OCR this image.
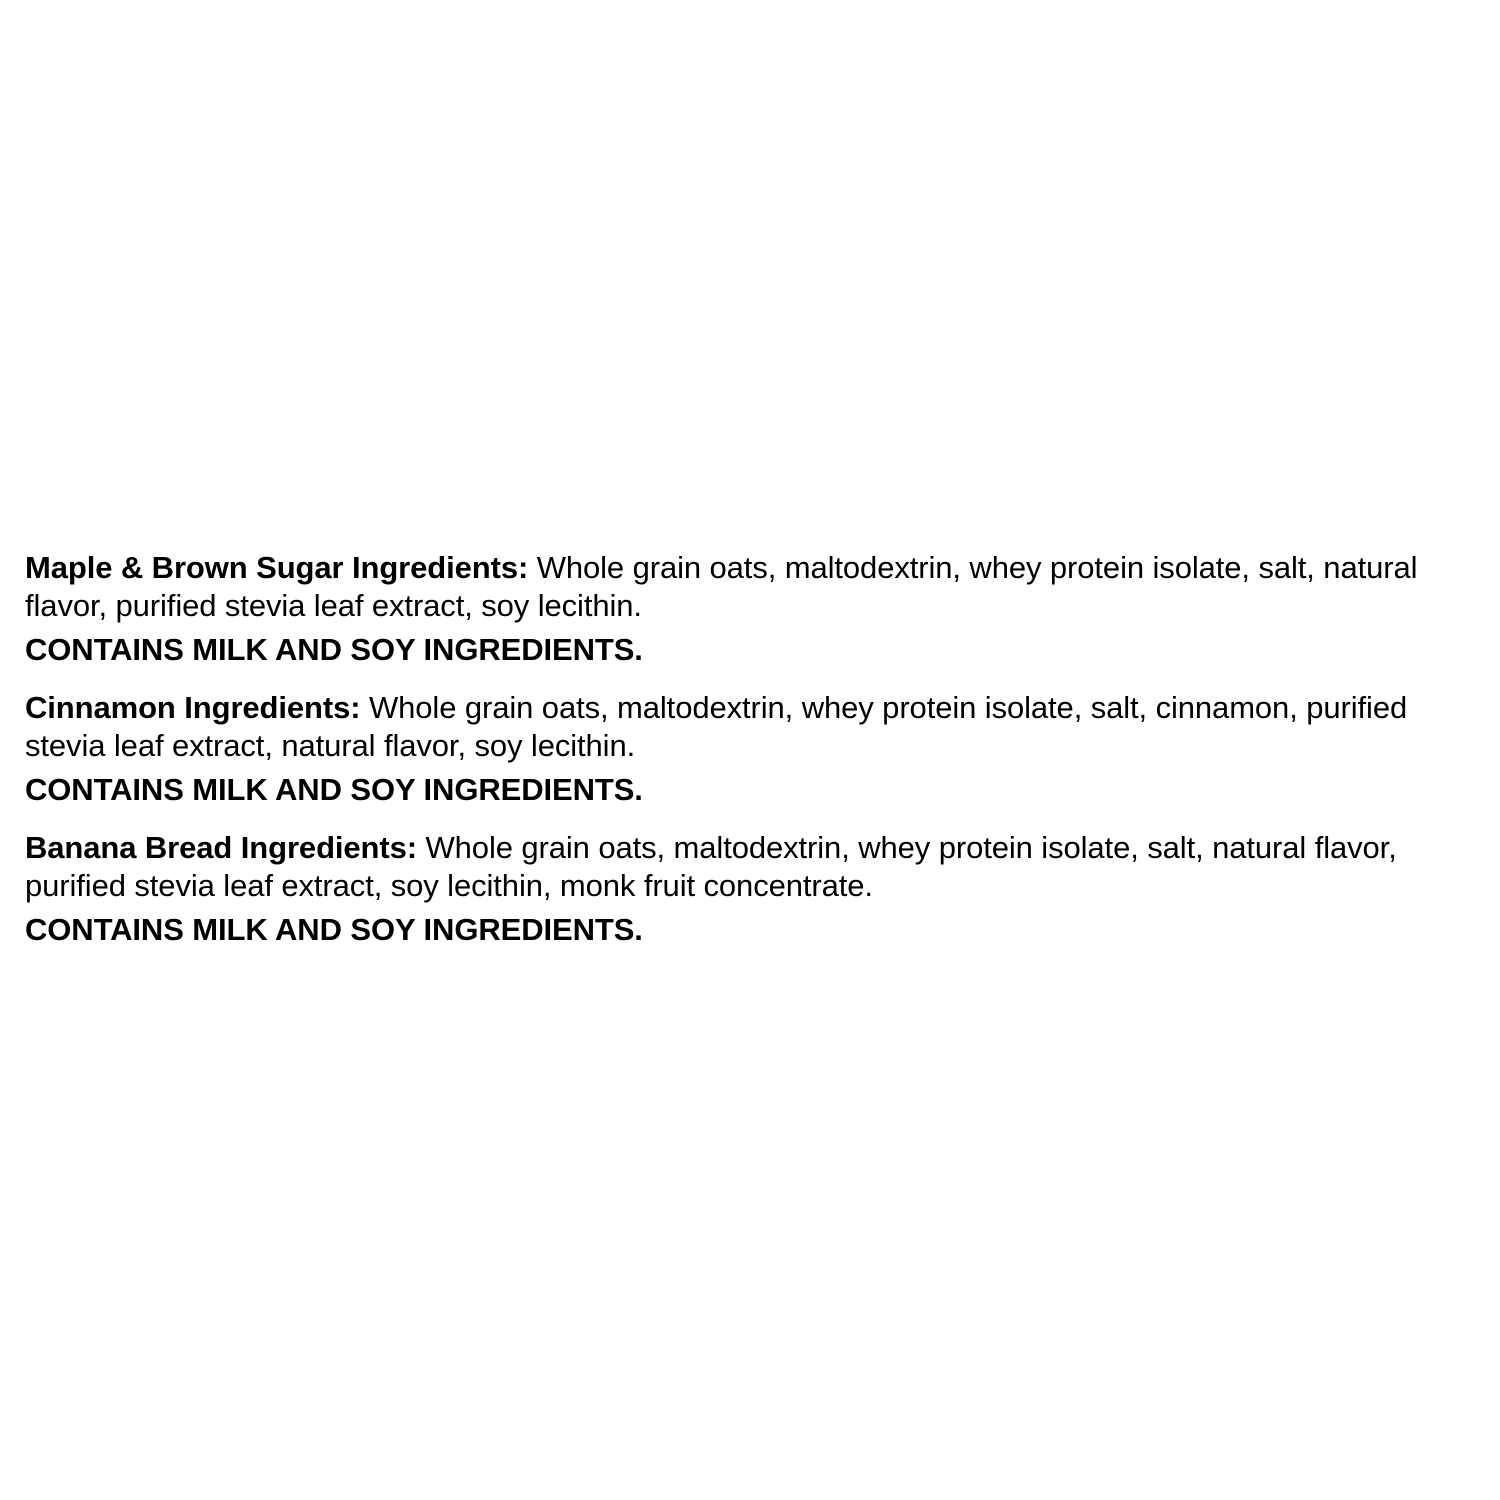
Maple & Brown Sugar Ingredients: Whole grain oats, maltodextrin, whey protein isolate, salt, natural flavor, purified stevia leaf extract, soy lecithin.

CONTAINS MILK AND SOY INGREDIENTS.

Cinnamon Ingredients: Whole grain oats, maltodextrin, whey protein isolate, salt, cinnamon, purified stevia leaf extract, natural flavor, soy lecithin.

CONTAINS MILK AND SOY INGREDIENTS.

Banana Bread Ingredients: Whole grain oats, maltodextrin, whey protein isolate, salt, natural flavor, purified stevia leaf extract, soy lecithin, monk fruit concentrate.

CONTAINS MILK AND SOY INGREDIENTS.
